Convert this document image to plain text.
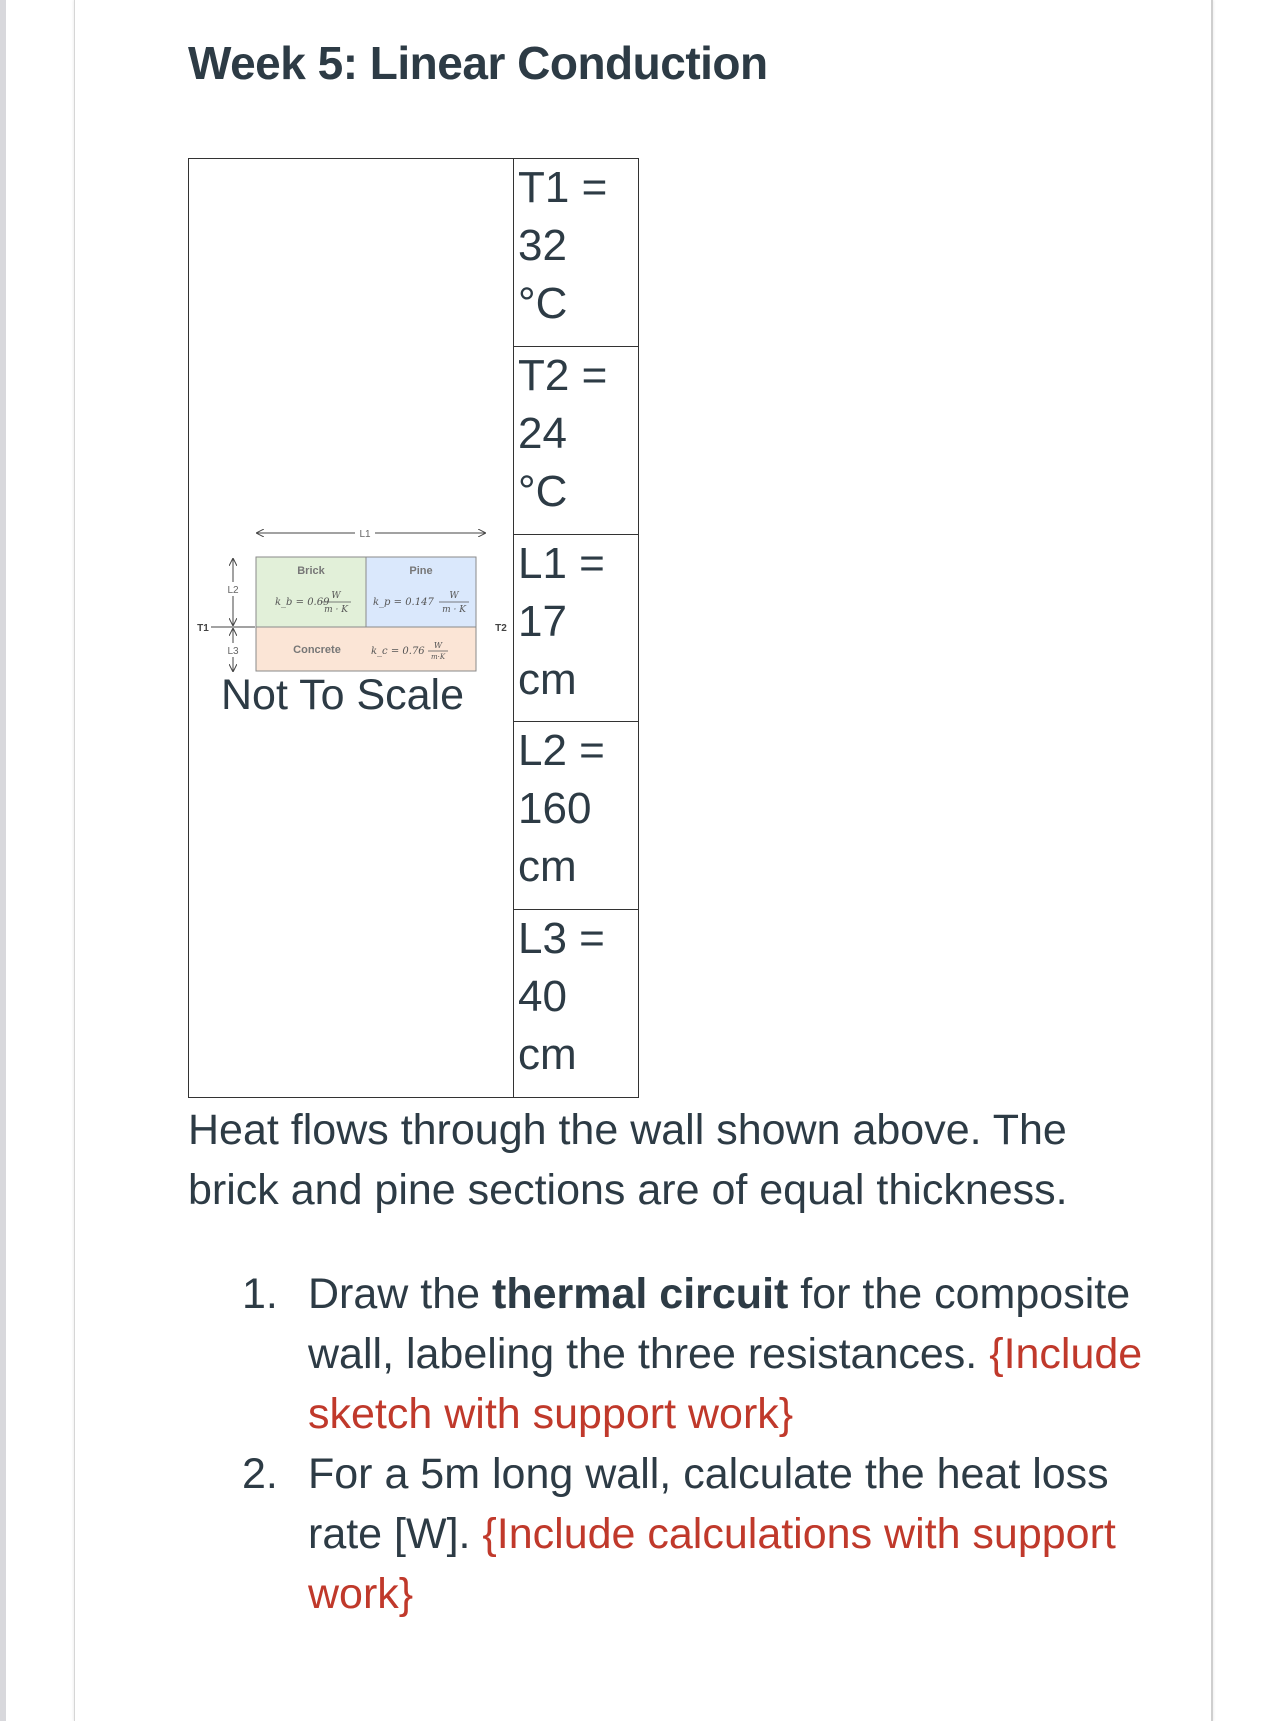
Week 5: Linear Conduction
L1
Brick
k_b = 0.69
W
m · K
Pine
k_p = 0.147
W
m · K
Concrete	k_c = 0.76
W
m·K
L2
L3
T1	T2
Not To Scale

T1 =
32
°C

T2 =
24
°C

L1 =
17
cm

L2 =
160
cm

L3 =
40
cm

Heat flows through the wall shown above. The brick and pine sections are of equal thickness.

1. Draw the thermal circuit for the composite wall, labeling the three resistances. {Include sketch with support work}
2. For a 5m long wall, calculate the heat loss rate [W]. {Include calculations with support work}
